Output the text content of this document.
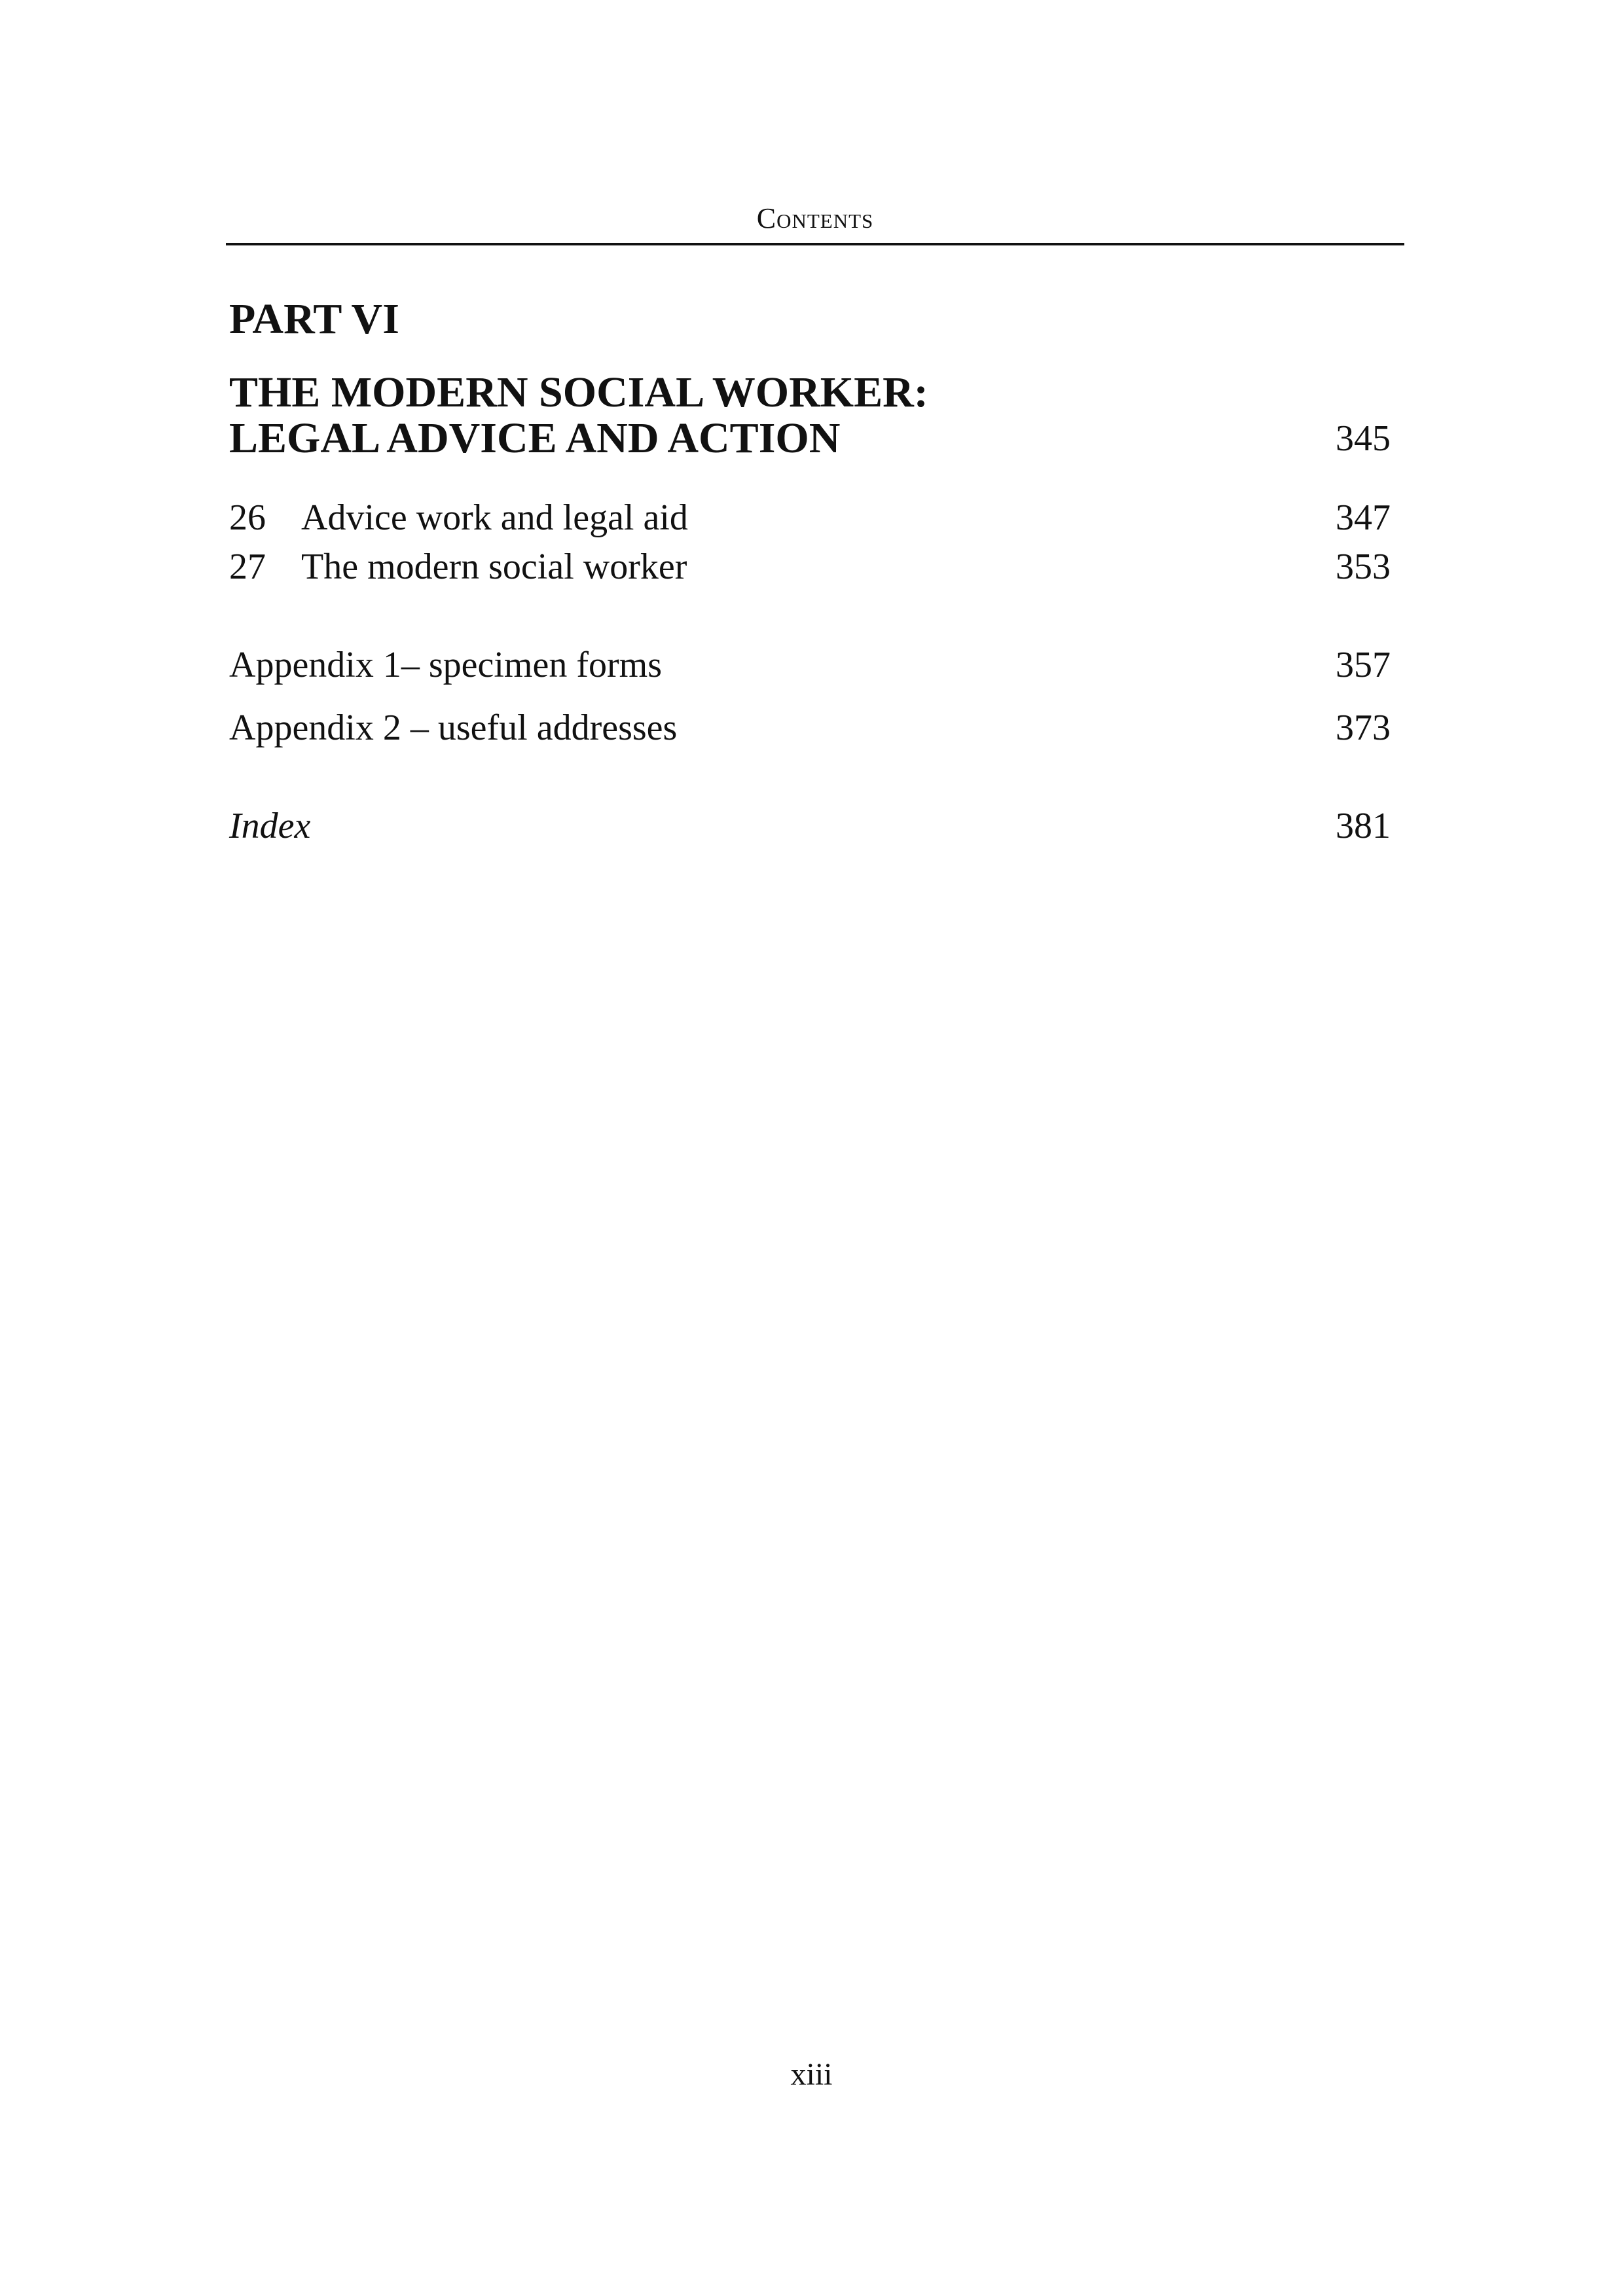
Contents
PART VI
THE MODERN SOCIAL WORKER:
LEGAL ADVICE AND ACTION	345
26 Advice work and legal aid	347
27 The modern social worker	353
Appendix 1– specimen forms	357
Appendix 2 – useful addresses	373
Index	381
xiii
